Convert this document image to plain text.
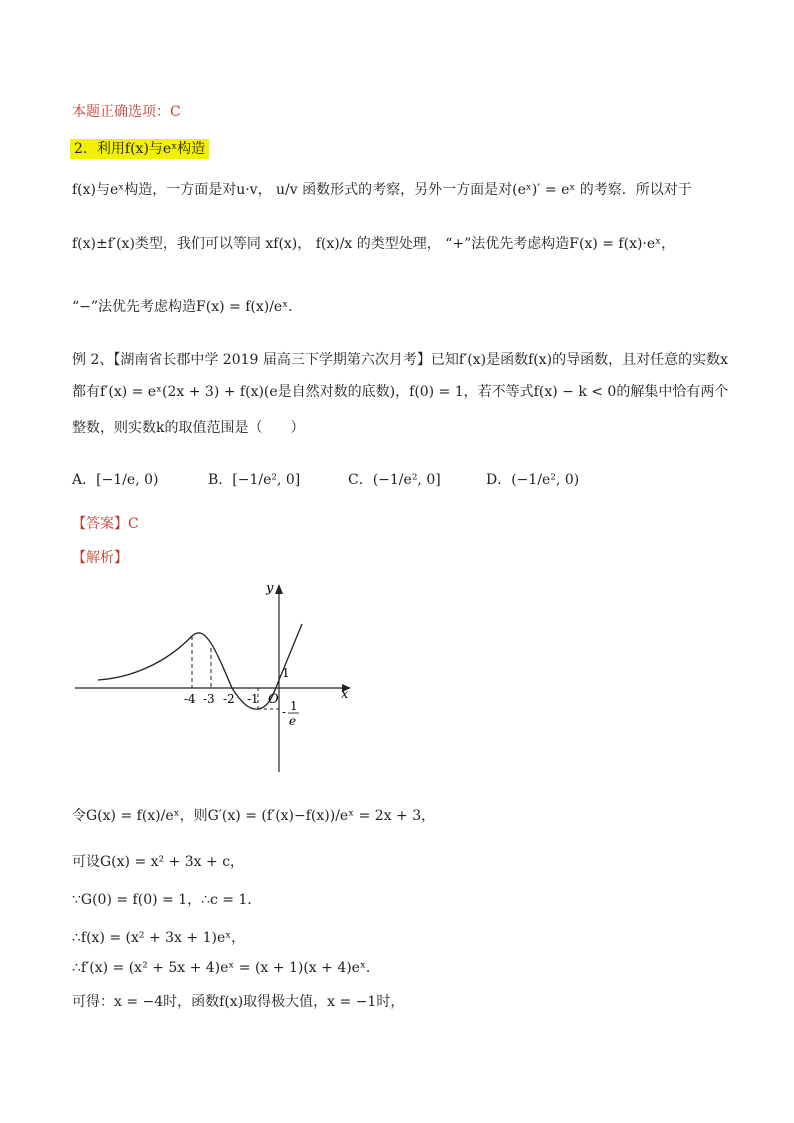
本题正确选项：C
2．利用f(x)与eˣ构造
f(x)与eˣ构造，一方面是对u·v， u/v 函数形式的考察，另外一方面是对(eˣ)′ = eˣ 的考察．所以对于
f(x)±f′(x)类型，我们可以等同 xf(x)， f(x)/x 的类型处理， “+”法优先考虑构造F(x) = f(x)·eˣ，
“−”法优先考虑构造F(x) = f(x)/eˣ．
例 2、【湖南省长郡中学 2019 届高三下学期第六次月考】已知f′(x)是函数f(x)的导函数，且对任意的实数x
都有f′(x) = eˣ(2x + 3) + f(x)(e是自然对数的底数)，f(0) = 1，若不等式f(x) − k < 0的解集中恰有两个
整数，则实数k的取值范围是（　　）
A．[−1/e, 0)	B．[−1/e², 0]	C．(−1/e², 0]	D．(−1/e², 0)
【答案】C
【解析】
y
x
O
1
-4 -3 -2 -1
- 1
e
令G(x) = f(x)/eˣ，则G′(x) = (f′(x)−f(x))/eˣ = 2x + 3，
可设G(x) = x² + 3x + c，
∵G(0) = f(0) = 1，∴c = 1．
∴f(x) = (x² + 3x + 1)eˣ，
∴f′(x) = (x² + 5x + 4)eˣ = (x + 1)(x + 4)eˣ．
可得：x = −4时，函数f(x)取得极大值，x = −1时，
